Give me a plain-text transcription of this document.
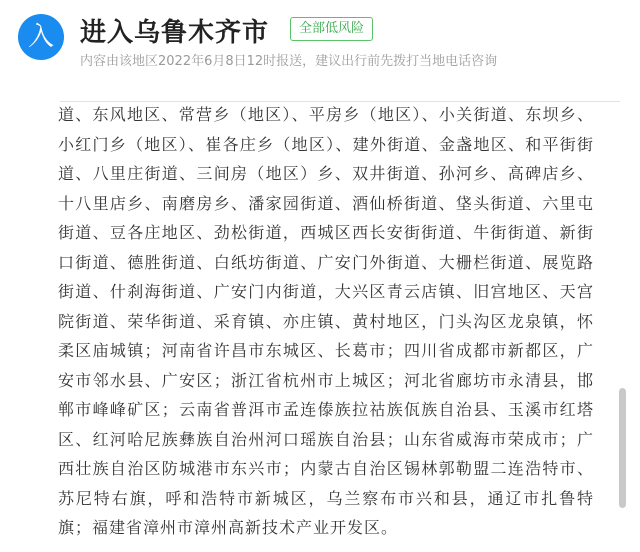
入	进入乌鲁木齐市	全部低风险
内容由该地区2022年6月8日12时报送，建议出行前先拨打当地电话咨询

道、东风地区、常营乡（地区）、平房乡（地区）、小关街道、东坝乡、小红门乡（地区）、崔各庄乡（地区）、建外街道、金盏地区、和平街街道、八里庄街道、三间房（地区）乡、双井街道、孙河乡、高碑店乡、十八里店乡、南磨房乡、潘家园街道、酒仙桥街道、垡头街道、六里屯街道、豆各庄地区、劲松街道，西城区西长安街街道、牛街街道、新街口街道、德胜街道、白纸坊街道、广安门外街道、大栅栏街道、展览路街道、什刹海街道、广安门内街道，大兴区青云店镇、旧宫地区、天宫院街道、荣华街道、采育镇、亦庄镇、黄村地区，门头沟区龙泉镇，怀柔区庙城镇；河南省许昌市东城区、长葛市；四川省成都市新都区，广安市邻水县、广安区；浙江省杭州市上城区；河北省廊坊市永清县，邯郸市峰峰矿区；云南省普洱市孟连傣族拉祜族佤族自治县、玉溪市红塔区、红河哈尼族彝族自治州河口瑶族自治县；山东省威海市荣成市；广西壮族自治区防城港市东兴市；内蒙古自治区锡林郭勒盟二连浩特市、苏尼特右旗，呼和浩特市新城区，乌兰察布市兴和县，通辽市扎鲁特旗；福建省漳州市漳州高新技术产业开发区。
